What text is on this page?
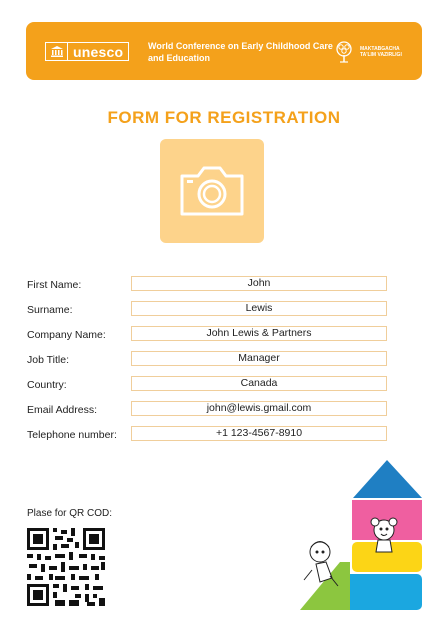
unesco	World Conference on Early Childhood Care and Education
MAKTABGACHA TA'LIM VAZIRLIGI
FORM FOR REGISTRATION
First Name:	John
Surname:	Lewis
Company Name:	John Lewis & Partners
Job Title:	Manager
Country:	Canada
Email Address:	john@lewis.gmail.com
Telephone number:	+1 123-4567-8910
Plase for QR COD:
